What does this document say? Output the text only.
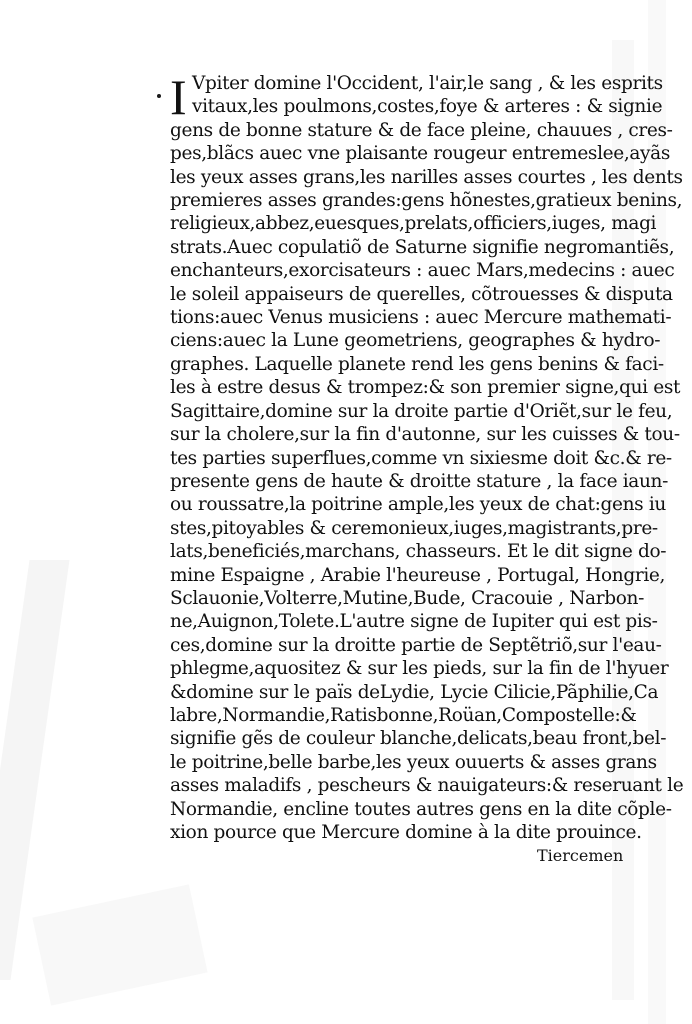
I Vpiter domine l'Occident, l'air,le sang , & les esprits
vitaux,les poulmons,costes,foye & arteres : & signie
gens de bonne stature & de face pleine, chauues , cres-
pes,blãcs auec vne plaisante rougeur entremeslee,ayãs
les yeux asses grans,les narilles asses courtes , les dents
premieres asses grandes:gens hõnestes,gratieux benins,
religieux,abbez,euesques,prelats,officiers,iuges, magi
strats.Auec copulatiõ de Saturne signifie negromantiẽs,
enchanteurs,exorcisateurs : auec Mars,medecins : auec
le soleil appaiseurs de querelles, cõtrouesses & disputa
tions:auec Venus musiciens : auec Mercure mathemati-
ciens:auec la Lune geometriens, geographes & hydro-
graphes. Laquelle planete rend les gens benins & faci-
les à estre desus & trompez:& son premier signe,qui est
Sagittaire,domine sur la droite partie d'Oriẽt,sur le feu,
sur la cholere,sur la fin d'autonne, sur les cuisses & tou-
tes parties superflues,comme vn sixiesme doit &c.& re-
presente gens de haute & droitte stature , la face iaun-
ou roussatre,la poitrine ample,les yeux de chat:gens iu
stes,pitoyables & ceremonieux,iuges,magistrants,pre-
lats,beneficiés,marchans, chasseurs. Et le dit signe do-
mine Espaigne , Arabie l'heureuse , Portugal, Hongrie,
Sclauonie,Volterre,Mutine,Bude, Cracouie , Narbon-
ne,Auignon,Tolete.L'autre signe de Iupiter qui est pis-
ces,domine sur la droitte partie de Septẽtriõ,sur l'eau-
phlegme,aquositez & sur les pieds, sur la fin de l'hyuer
&domine sur le païs deLydie, Lycie Cilicie,Pãphilie,Ca
labre,Normandie,Ratisbonne,Roüan,Compostelle:&
signifie gẽs de couleur blanche,delicats,beau front,bel-
le poitrine,belle barbe,les yeux ouuerts & asses grans
asses maladifs , pescheurs & nauigateurs:& reseruant le
Normandie, encline toutes autres gens en la dite cõple-
xion pource que Mercure domine à la dite prouince.
Tiercemen
